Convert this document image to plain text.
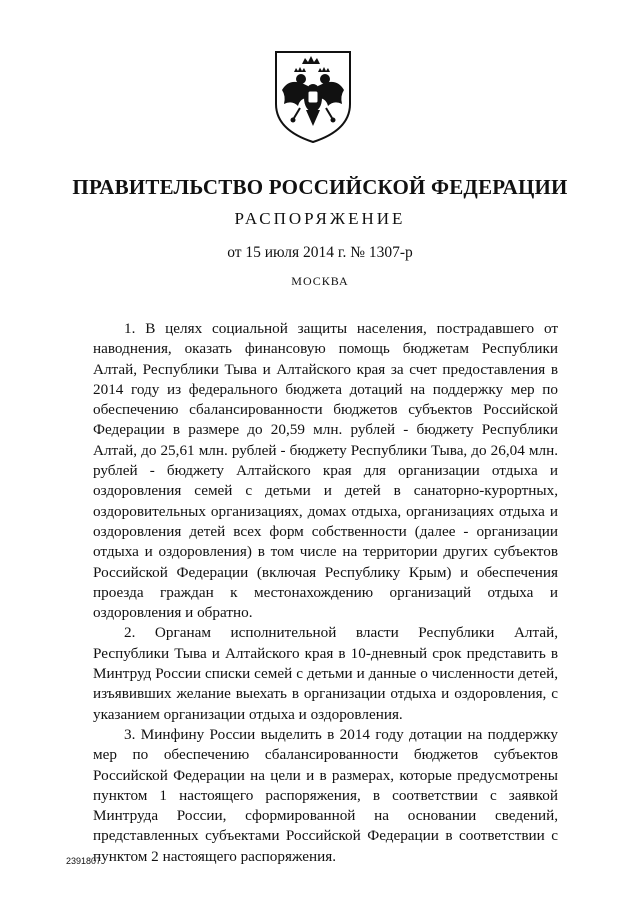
ПРАВИТЕЛЬСТВО РОССИЙСКОЙ ФЕДЕРАЦИИ
РАСПОРЯЖЕНИЕ
от 15 июля 2014 г. № 1307-р
МОСКВА

1. В целях социальной защиты населения, пострадавшего от наводнения, оказать финансовую помощь бюджетам Республики Алтай, Республики Тыва и Алтайского края за счет предоставления в 2014 году из федерального бюджета дотаций на поддержку мер по обеспечению сбалансированности бюджетов субъектов Российской Федерации в размере до 20,59 млн. рублей - бюджету Республики Алтай, до 25,61 млн. рублей - бюджету Республики Тыва, до 26,04 млн. рублей - бюджету Алтайского края для организации отдыха и оздоровления семей с детьми и детей в санаторно-курортных, оздоровительных организациях, домах отдыха, организациях отдыха и оздоровления детей всех форм собственности (далее - организации отдыха и оздоровления) в том числе на территории других субъектов Российской Федерации (включая Республику Крым) и обеспечения проезда граждан к местонахождению организаций отдыха и оздоровления и обратно.

2. Органам исполнительной власти Республики Алтай, Республики Тыва и Алтайского края в 10-дневный срок представить в Минтруд России списки семей с детьми и данные о численности детей, изъявивших желание выехать в организации отдыха и оздоровления, с указанием организации отдыха и оздоровления.

3. Минфину России выделить в 2014 году дотации на поддержку мер по обеспечению сбалансированности бюджетов субъектов Российской Федерации на цели и в размерах, которые предусмотрены пунктом 1 настоящего распоряжения, в соответствии с заявкой Минтруда России, сформированной на основании сведений, представленных субъектами Российской Федерации в соответствии с пунктом 2 настоящего распоряжения.

2391807
